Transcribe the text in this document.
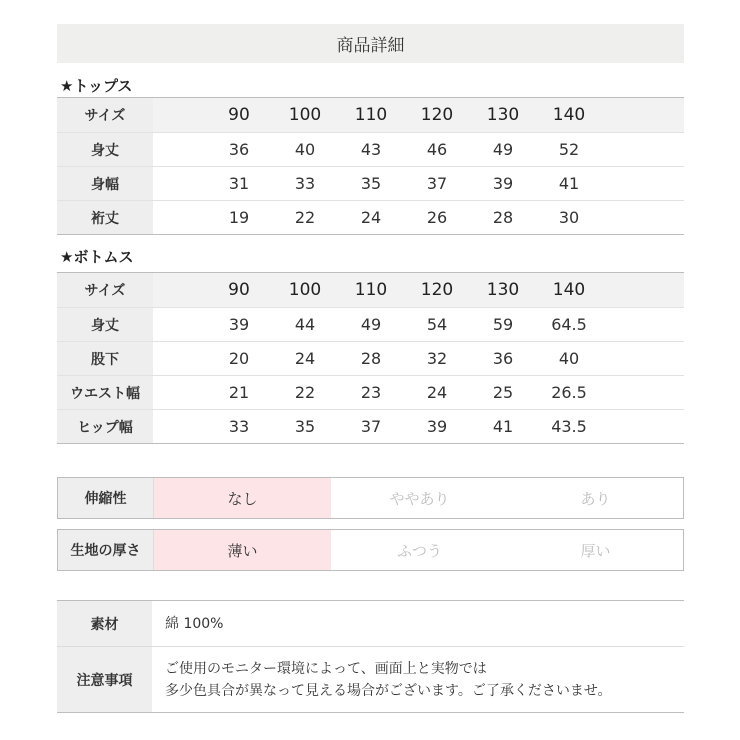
商品詳細
★トップス
サイズ	90	100	110	120	130	140
身丈	36	40	43	46	49	52
身幅	31	33	35	37	39	41
裄丈	19	22	24	26	28	30
★ボトムス
サイズ	90	100	110	120	130	140
身丈	39	44	49	54	59	64.5
股下	20	24	28	32	36	40
ウエスト幅	21	22	23	24	25	26.5
ヒップ幅	33	35	37	39	41	43.5
伸縮性	なし	ややあり	あり
生地の厚さ	薄い	ふつう	厚い
素材	綿 100%
注意事項
ご使用のモニター環境によって、画面上と実物では
多少色具合が異なって見える場合がございます。ご了承くださいませ。
